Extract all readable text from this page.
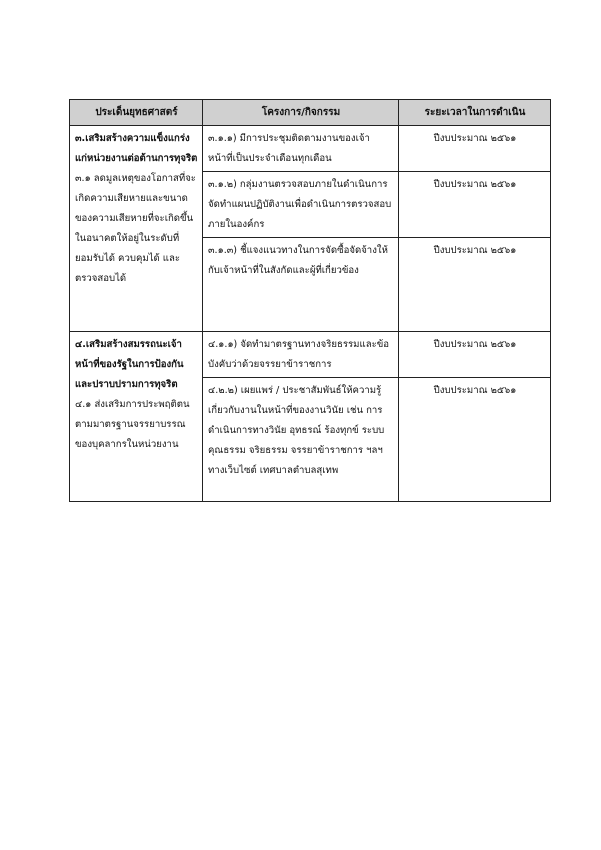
ประเด็นยุทธศาสตร์	โครงการ/กิจกรรม	ระยะเวลาในการดำเนิน

๓.เสริมสร้างความแข็งแกร่งแก่หน่วยงานต่อต้านการทุจริต
๓.๑ ลดมูลเหตุของโอกาสที่จะเกิดความเสียหายและขนาดของความเสียหายที่จะเกิดขึ้นในอนาคตให้อยู่ในระดับที่ยอมรับได้ ควบคุมได้ และตรวจสอบได้	๓.๑.๑) มีการประชุมติดตามงานของเจ้าหน้าที่เป็นประจำเดือนทุกเดือน	ปีงบประมาณ ๒๕๖๑
	๓.๑.๒) กลุ่มงานตรวจสอบภายในดำเนินการจัดทำแผนปฏิบัติงานเพื่อดำเนินการตรวจสอบภายในองค์กร	ปีงบประมาณ ๒๕๖๑
	๓.๑.๓) ชี้แจงแนวทางในการจัดซื้อจัดจ้างให้กับเจ้าหน้าที่ในสังกัดและผู้ที่เกี่ยวข้อง	ปีงบประมาณ ๒๕๖๑

๔.เสริมสร้างสมรรถนะเจ้าหน้าที่ของรัฐในการป้องกันและปราบปรามการทุจริต
๔.๑ ส่งเสริมการประพฤติตนตามมาตรฐานจรรยาบรรณของบุคลากรในหน่วยงาน	๔.๑.๑) จัดทำมาตรฐานทางจริยธรรมและข้อบังคับว่าด้วยจรรยาข้าราชการ	ปีงบประมาณ ๒๕๖๑
	๔.๒.๒) เผยแพร่ / ประชาสัมพันธ์ให้ความรู้เกี่ยวกับงานในหน้าที่ของงานวินัย เช่น การดำเนินการทางวินัย อุทธรณ์ ร้องทุกข์ ระบบคุณธรรม จริยธรรม จรรยาข้าราชการ ฯลฯ ทางเว็บไซต์ เทศบาลตำบลสุเทพ	ปีงบประมาณ ๒๕๖๑
